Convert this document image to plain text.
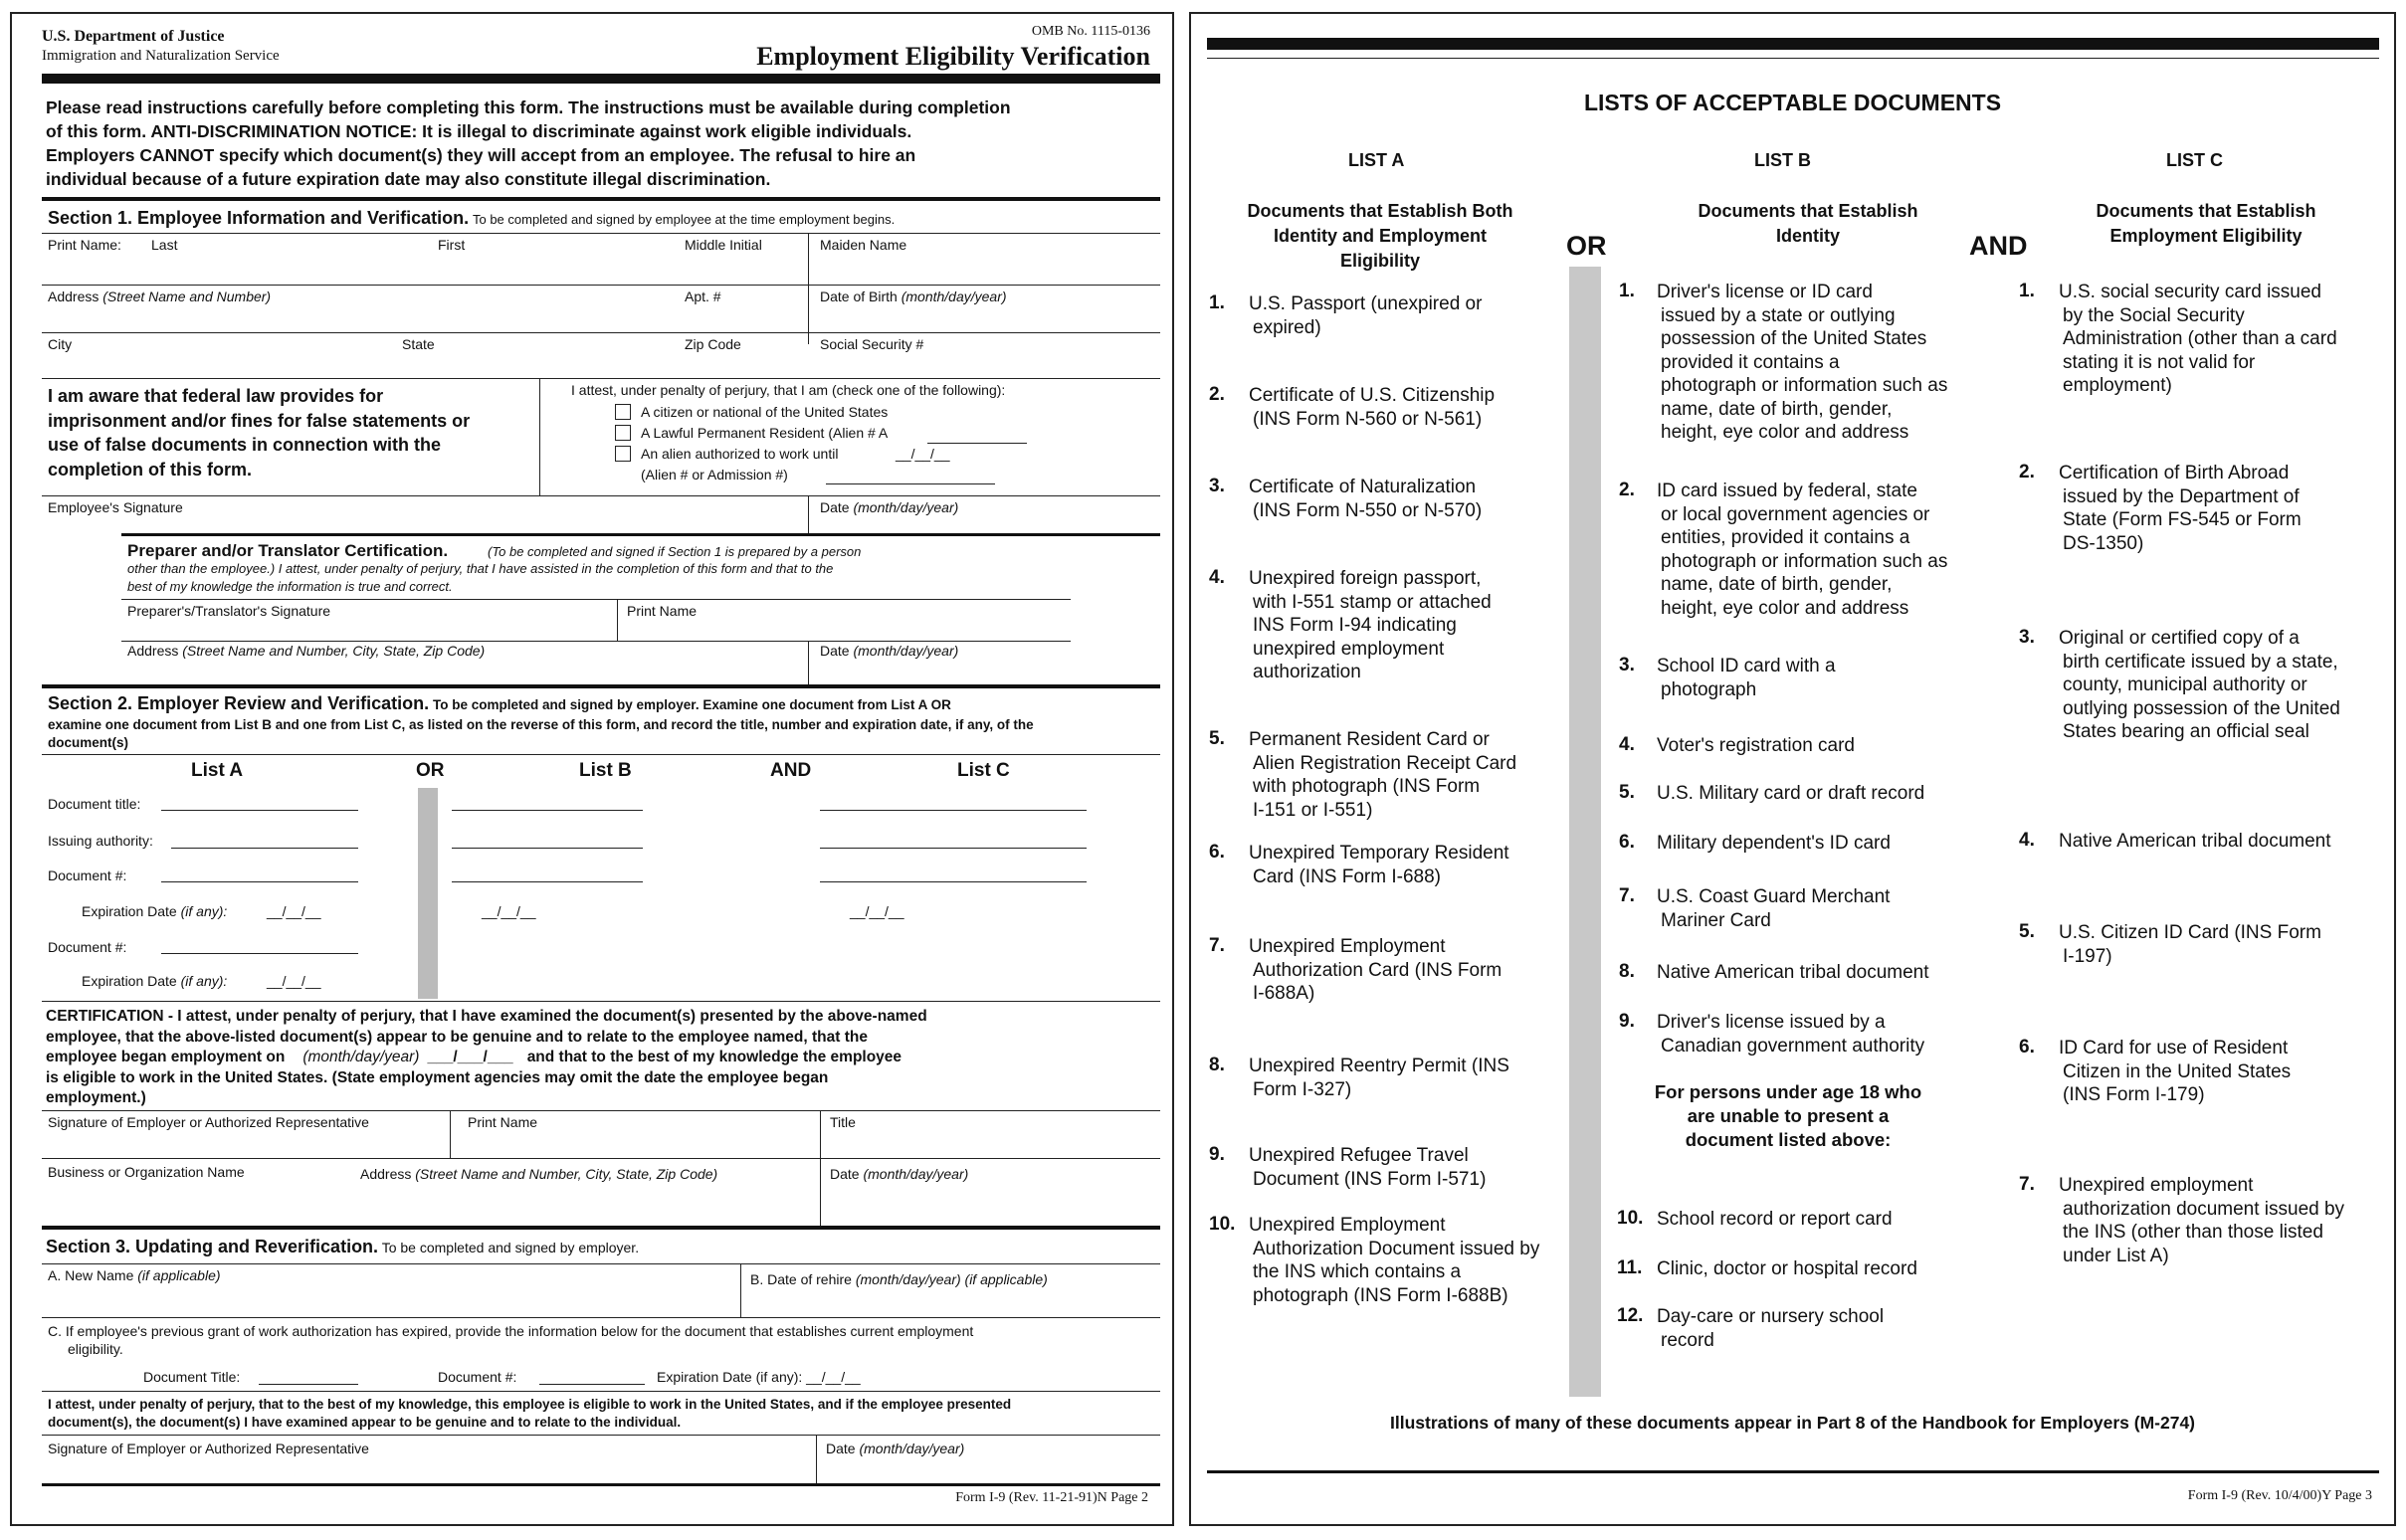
U.S. Department of Justice
Immigration and Naturalization Service
OMB No. 1115-0136
Employment Eligibility Verification
Please read instructions carefully before completing this form. The instructions must be available during completion
of this form. ANTI-DISCRIMINATION NOTICE: It is illegal to discriminate against work eligible individuals.
Employers CANNOT specify which document(s) they will accept from an employee. The refusal to hire an
individual because of a future expiration date may also constitute illegal discrimination.
Section 1. Employee Information and Verification. To be completed and signed by employee at the time employment begins.
Print Name: Last	First	Middle Initial	Maiden Name
Address (Street Name and Number)	Apt. #	Date of Birth (month/day/year)
City	State	Zip Code	Social Security #
I am aware that federal law provides for
imprisonment and/or fines for false statements or
use of false documents in connection with the
completion of this form.
I attest, under penalty of perjury, that I am (check one of the following):
A citizen or national of the United States
A Lawful Permanent Resident (Alien # A
An alien authorized to work until	__/__/__
(Alien # or Admission #)
Employee's Signature	Date (month/day/year)
Preparer and/or Translator Certification.	(To be completed and signed if Section 1 is prepared by a person
other than the employee.) I attest, under penalty of perjury, that I have assisted in the completion of this form and that to the
best of my knowledge the information is true and correct.
Preparer's/Translator's Signature	Print Name
Address (Street Name and Number, City, State, Zip Code)	Date (month/day/year)
Section 2. Employer Review and Verification. To be completed and signed by employer. Examine one document from List A OR
examine one document from List B and one from List C, as listed on the reverse of this form, and record the title, number and expiration date, if any, of the
document(s)
List A	OR	List B	AND	List C
Document title:
Issuing authority:
Document #:
Expiration Date (if any):	__/__/__	__/__/__	__/__/__
Document #:
Expiration Date (if any):	__/__/__
CERTIFICATION - I attest, under penalty of perjury, that I have examined the document(s) presented by the above-named
employee, that the above-listed document(s) appear to be genuine and to relate to the employee named, that the
employee began employment on (month/day/year) ___/___/___ and that to the best of my knowledge the employee
is eligible to work in the United States. (State employment agencies may omit the date the employee began
employment.)
Signature of Employer or Authorized Representative	Print Name	Title
Business or Organization Name	Address (Street Name and Number, City, State, Zip Code)	Date (month/day/year)
Section 3. Updating and Reverification. To be completed and signed by employer.
A. New Name (if applicable)	B. Date of rehire (month/day/year) (if applicable)
C. If employee's previous grant of work authorization has expired, provide the information below for the document that establishes current employment
eligibility.
Document Title:	Document #:	Expiration Date (if any): __/__/__
I attest, under penalty of perjury, that to the best of my knowledge, this employee is eligible to work in the United States, and if the employee presented
document(s), the document(s) I have examined appear to be genuine and to relate to the individual.
Signature of Employer or Authorized Representative	Date (month/day/year)
Form I-9 (Rev. 11-21-91)N Page 2
LISTS OF ACCEPTABLE DOCUMENTS
LIST A	LIST B	LIST C
Documents that Establish Both
Identity and Employment
Eligibility	OR
Documents that Establish
Identity	AND
Documents that Establish
Employment Eligibility
1. U.S. Passport (unexpired or
expired)
2. Certificate of U.S. Citizenship
(INS Form N-560 or N-561)
3. Certificate of Naturalization
(INS Form N-550 or N-570)
4. Unexpired foreign passport,
with I-551 stamp or attached
INS Form I-94 indicating
unexpired employment
authorization
5. Permanent Resident Card or
Alien Registration Receipt Card
with photograph (INS Form
I-151 or I-551)
6. Unexpired Temporary Resident
Card (INS Form I-688)
7. Unexpired Employment
Authorization Card (INS Form
I-688A)
8. Unexpired Reentry Permit (INS
Form I-327)
9. Unexpired Refugee Travel
Document (INS Form I-571)
10. Unexpired Employment
Authorization Document issued by
the INS which contains a
photograph (INS Form I-688B)
1. Driver's license or ID card
issued by a state or outlying
possession of the United States
provided it contains a
photograph or information such as
name, date of birth, gender,
height, eye color and address
2. ID card issued by federal, state
or local government agencies or
entities, provided it contains a
photograph or information such as
name, date of birth, gender,
height, eye color and address
3. School ID card with a
photograph
4. Voter's registration card
5. U.S. Military card or draft record
6. Military dependent's ID card
7. U.S. Coast Guard Merchant
Mariner Card
8. Native American tribal document
9. Driver's license issued by a
Canadian government authority
For persons under age 18 who
are unable to present a
document listed above:
10. School record or report card
11. Clinic, doctor or hospital record
12. Day-care or nursery school
record
1. U.S. social security card issued
by the Social Security
Administration (other than a card
stating it is not valid for
employment)
2. Certification of Birth Abroad
issued by the Department of
State (Form FS-545 or Form
DS-1350)
3. Original or certified copy of a
birth certificate issued by a state,
county, municipal authority or
outlying possession of the United
States bearing an official seal
4. Native American tribal document
5. U.S. Citizen ID Card (INS Form
I-197)
6. ID Card for use of Resident
Citizen in the United States
(INS Form I-179)
7. Unexpired employment
authorization document issued by
the INS (other than those listed
under List A)
Illustrations of many of these documents appear in Part 8 of the Handbook for Employers (M-274)
Form I-9 (Rev. 10/4/00)Y Page 3
